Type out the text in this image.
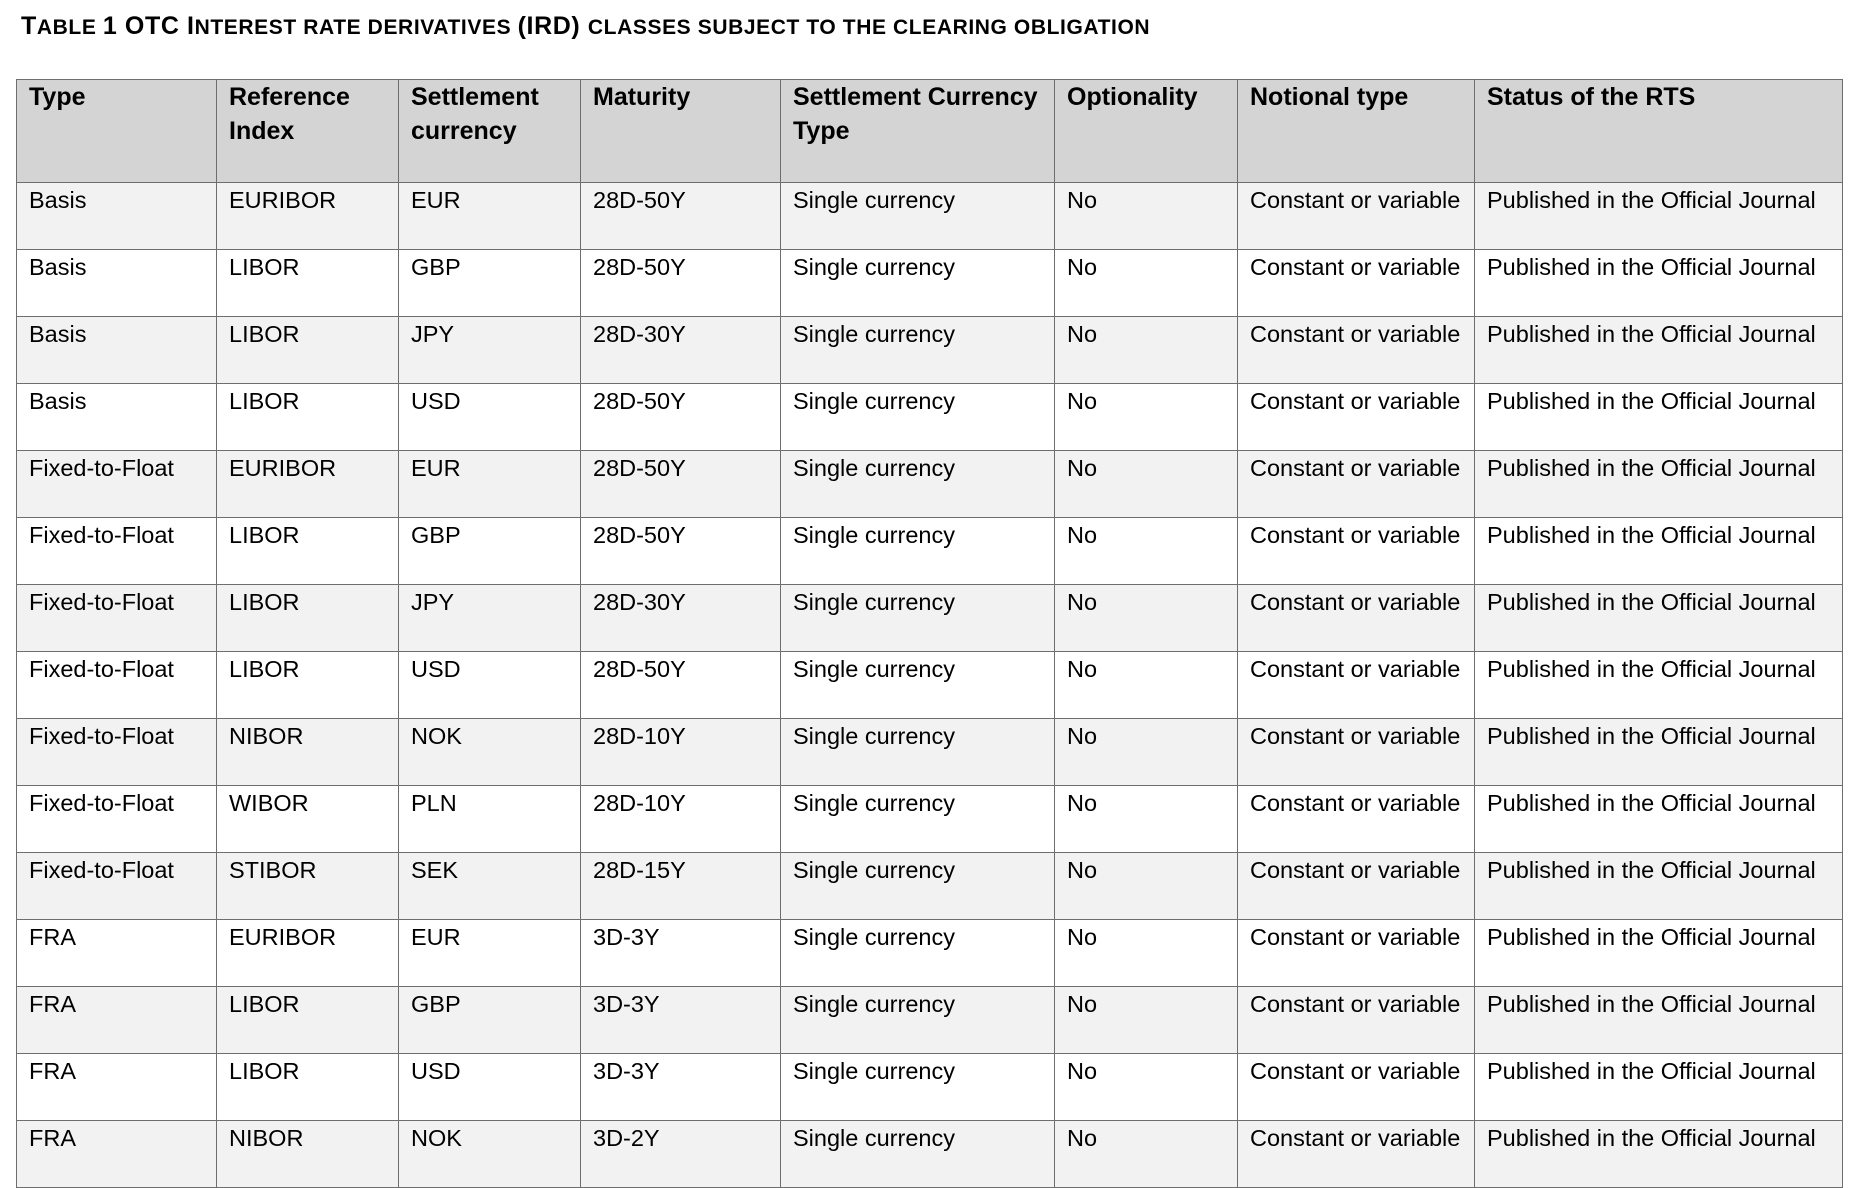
TABLE 1 OTC INTEREST RATE DERIVATIVES (IRD) CLASSES SUBJECT TO THE CLEARING OBLIGATION
Type	Reference Index	Settlement currency	Maturity	Settlement Currency Type	Optionality	Notional type	Status of the RTS
Basis	EURIBOR	EUR	28D-50Y	Single currency	No	Constant or variable	Published in the Official Journal
Basis	LIBOR	GBP	28D-50Y	Single currency	No	Constant or variable	Published in the Official Journal
Basis	LIBOR	JPY	28D-30Y	Single currency	No	Constant or variable	Published in the Official Journal
Basis	LIBOR	USD	28D-50Y	Single currency	No	Constant or variable	Published in the Official Journal
Fixed-to-Float	EURIBOR	EUR	28D-50Y	Single currency	No	Constant or variable	Published in the Official Journal
Fixed-to-Float	LIBOR	GBP	28D-50Y	Single currency	No	Constant or variable	Published in the Official Journal
Fixed-to-Float	LIBOR	JPY	28D-30Y	Single currency	No	Constant or variable	Published in the Official Journal
Fixed-to-Float	LIBOR	USD	28D-50Y	Single currency	No	Constant or variable	Published in the Official Journal
Fixed-to-Float	NIBOR	NOK	28D-10Y	Single currency	No	Constant or variable	Published in the Official Journal
Fixed-to-Float	WIBOR	PLN	28D-10Y	Single currency	No	Constant or variable	Published in the Official Journal
Fixed-to-Float	STIBOR	SEK	28D-15Y	Single currency	No	Constant or variable	Published in the Official Journal
FRA	EURIBOR	EUR	3D-3Y	Single currency	No	Constant or variable	Published in the Official Journal
FRA	LIBOR	GBP	3D-3Y	Single currency	No	Constant or variable	Published in the Official Journal
FRA	LIBOR	USD	3D-3Y	Single currency	No	Constant or variable	Published in the Official Journal
FRA	NIBOR	NOK	3D-2Y	Single currency	No	Constant or variable	Published in the Official Journal
